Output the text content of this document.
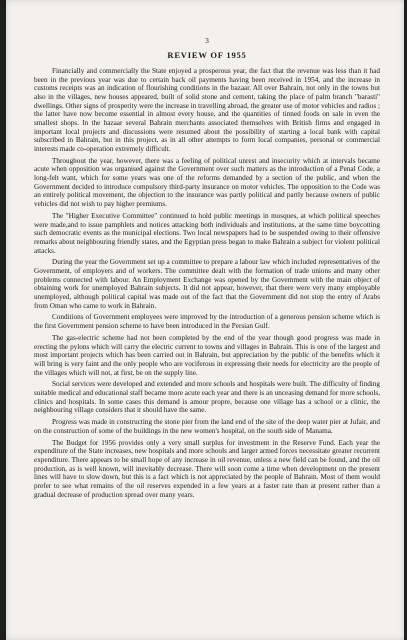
3

REVIEW OF 1955

Financially and commercially the State enjoyed a prosperous year, the fact that the revenue was less than it had been in the previous year was due to certain back oil payments having been received in 1954, and the increase in customs receipts was an indication of flourishing conditions in the bazaar. All over Bahrain, not only in the towns but also in the villages, new houses appeared, built of solid stone and cement, taking the place of palm branch "barasti" dwellings. Other signs of prosperity were the increase in travelling abroad, the greater use of motor vehicles and radios ; the latter have now become essential in almost every house, and the quantities of tinned foods on sale in even the smallest shops. In the bazaar several Bahrain merchants associated themselves with British firms and engaged in important local projects and discussions were resumed about the possibility of starting a local bank with capital subscribed in Bahrain, but in this project, as in all other attempts to form local companies, personal or commercial interests made co-operation extremely difficult.

Throughout the year, however, there was a feeling of political unrest and insecurity which at intervals became acute when opposition was organised against the Government over such matters as the introduction of a Penal Code, a long-felt want, which for some years was one of the reforms demanded by a section of the public, and when the Government decided to introduce compulsory third-party insurance on motor vehicles. The opposition to the Code was an entirely political movement, the objection to the insurance was partly political and partly because owners of public vehicles did not wish to pay higher premiums.

The "Higher Executive Committee" continued to hold public meetings in mosques, at which political speeches were made,and to issue pamphlets and notices attacking both individuals and institutions, at the same time boycotting such democratic events as the municipal elections. Two local newspapers had to be suspended owing to their offensive remarks about neighbouring friendly states, and the Egyptian press began to make Bahrain a subject for violent political attacks.

During the year the Government set up a committee to prepare a labour law which included representatives of the Government, of employers and of workers. The committee dealt with the formation of trade unions and many other problems connected with labour. An Employment Exchange was opened by the Government with the main object of obtaining work for unemployed Bahrain subjects. It did not appear, however, that there were very many employable unemployed, although political capital was made out of the fact that the Government did not stop the entry of Arabs from Oman who came to work in Bahrain.

Conditions of Government employees were improved by the introduction of a generous pension scheme which is the first Government pension scheme to have been introduced in the Persian Gulf.

The gas-electric scheme had not been completed by the end of the year though good progress was made in erecting the pylons which will carry the electric current to towns and villages in Bahrain. This is one of the largest and most important projects which has been carried out in Bahrain, but appreciation by the public of the benefits which it will bring is very faint and the only people who are vociferous in expressing their needs for electricity are the people of the villages which will not, at first, be on the supply line.

Social services were developed and extended and more schools and hospitals were built. The difficulty of finding suitable medical and educational staff became more acute each year and there is an unceasing demand for more schools, clinics and hospitals. In some cases this demand is amour propre, because one village has a school or a clinic, the neighbouring village considers that it should have the same.

Progress was made in constructing the stone pier from the land end of the site of the deep water pier at Jufair, and on the construction of some of the buildings in the new women's hospital, on the south side of Manama.

The Budget for 1956 provides only a very small surplus for investment in the Reserve Fund. Each year the expenditure of the State increases, new hospitals and more schools and larger armed forces necessitate greater recurrent expenditure. There appears to be small hope of any increase in oil revenue, unless a new field can be found, and the oil production, as is well known, will inevitably decrease. There will soon come a time when development on the present lines will have to slow down, but this is a fact which is not appreciated by the people of Bahrain. Most of them would prefer to see what remains of the oil reserves expended in a few years at a faster rate than at present rather than a gradual decrease of production spread over many years.
